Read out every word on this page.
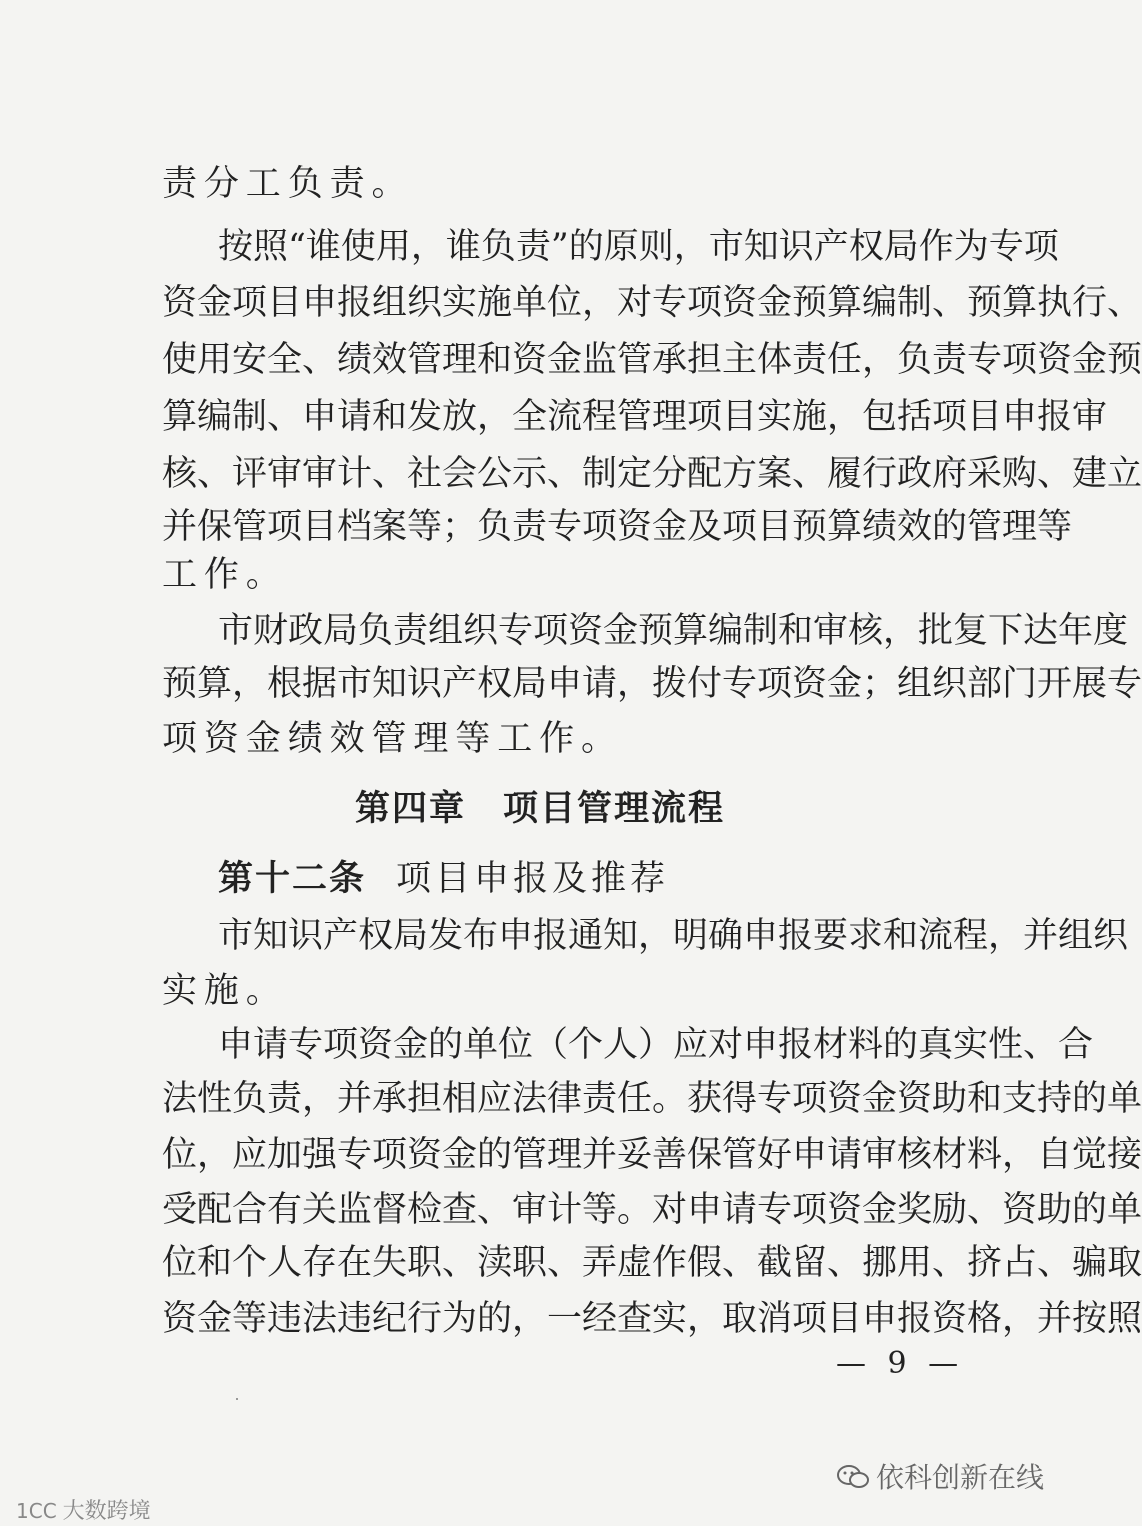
责分工负责。
按照“谁使用，谁负责”的原则，市知识产权局作为专项
资金项目申报组织实施单位，对专项资金预算编制、预算执行、
使用安全、绩效管理和资金监管承担主体责任，负责专项资金预
算编制、申请和发放，全流程管理项目实施，包括项目申报审
核、评审审计、社会公示、制定分配方案、履行政府采购、建立
并保管项目档案等；负责专项资金及项目预算绩效的管理等
工作。
市财政局负责组织专项资金预算编制和审核，批复下达年度
预算，根据市知识产权局申请，拨付专项资金；组织部门开展专
项资金绩效管理等工作。
第四章　项目管理流程
第十二条 项目申报及推荐
市知识产权局发布申报通知，明确申报要求和流程，并组织
实施。
申请专项资金的单位（个人）应对申报材料的真实性、合
法性负责，并承担相应法律责任。获得专项资金资助和支持的单
位，应加强专项资金的管理并妥善保管好申请审核材料，自觉接
受配合有关监督检查、审计等。对申请专项资金奖励、资助的单
位和个人存在失职、渎职、弄虚作假、截留、挪用、挤占、骗取
资金等违法违纪行为的，一经查实，取消项目申报资格，并按照
— 9 —
依科创新在线
1CC 大数跨境
